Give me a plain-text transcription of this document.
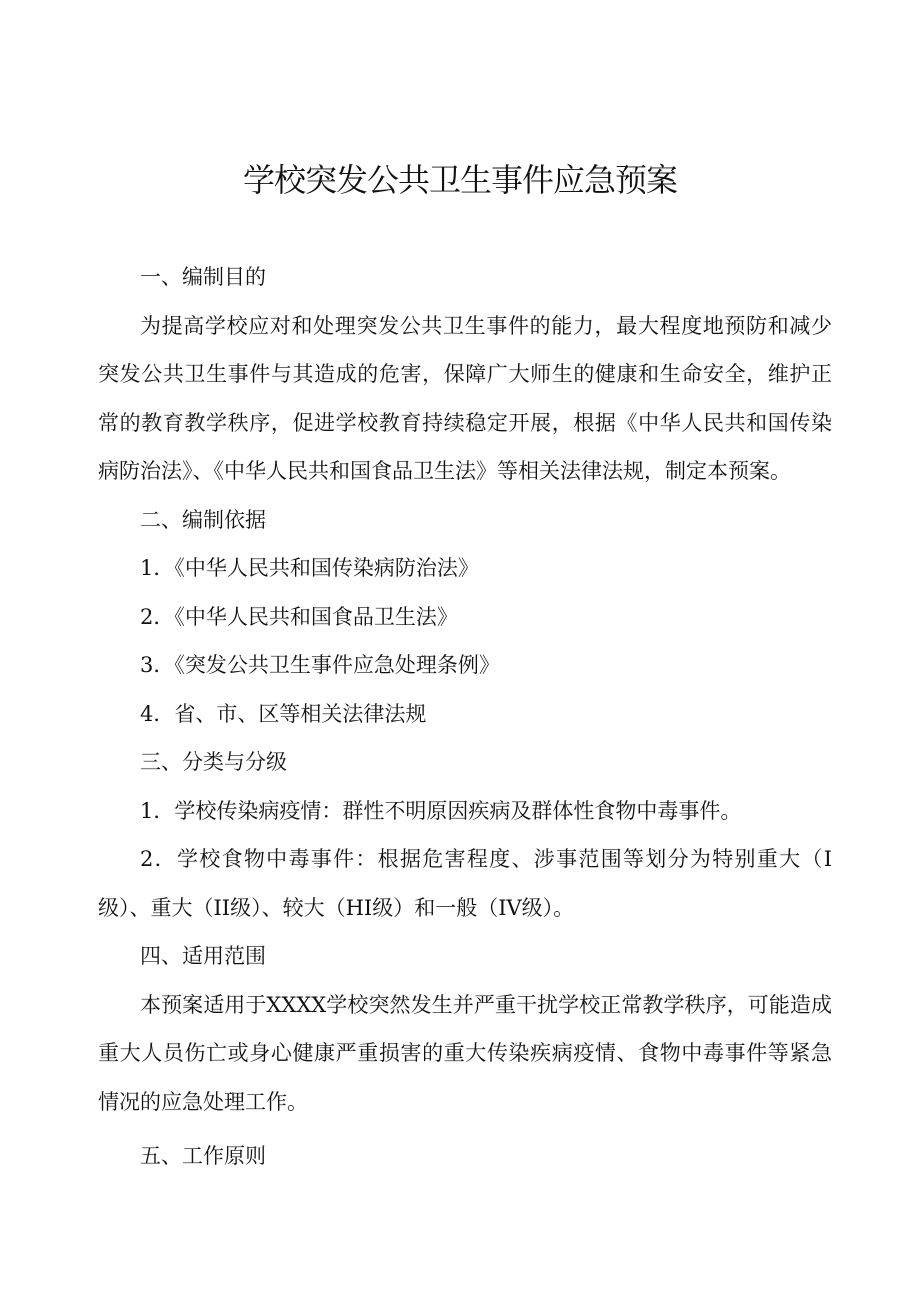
学校突发公共卫生事件应急预案

一、编制目的

为提高学校应对和处理突发公共卫生事件的能力，最大程度地预防和减少突发公共卫生事件与其造成的危害，保障广大师生的健康和生命安全，维护正常的教育教学秩序，促进学校教育持续稳定开展，根据《中华人民共和国传染病防治法》、《中华人民共和国食品卫生法》等相关法律法规，制定本预案。

二、编制依据

1．《中华人民共和国传染病防治法》

2．《中华人民共和国食品卫生法》

3．《突发公共卫生事件应急处理条例》

4．省、市、区等相关法律法规

三、分类与分级

1．学校传染病疫情：群性不明原因疾病及群体性食物中毒事件。

2．学校食物中毒事件：根据危害程度、涉事范围等划分为特别重大（I级）、重大（II级）、较大（HI级）和一般（IV级）。

四、适用范围

本预案适用于XXXX学校突然发生并严重干扰学校正常教学秩序，可能造成重大人员伤亡或身心健康严重损害的重大传染疾病疫情、食物中毒事件等紧急情况的应急处理工作。

五、工作原则
